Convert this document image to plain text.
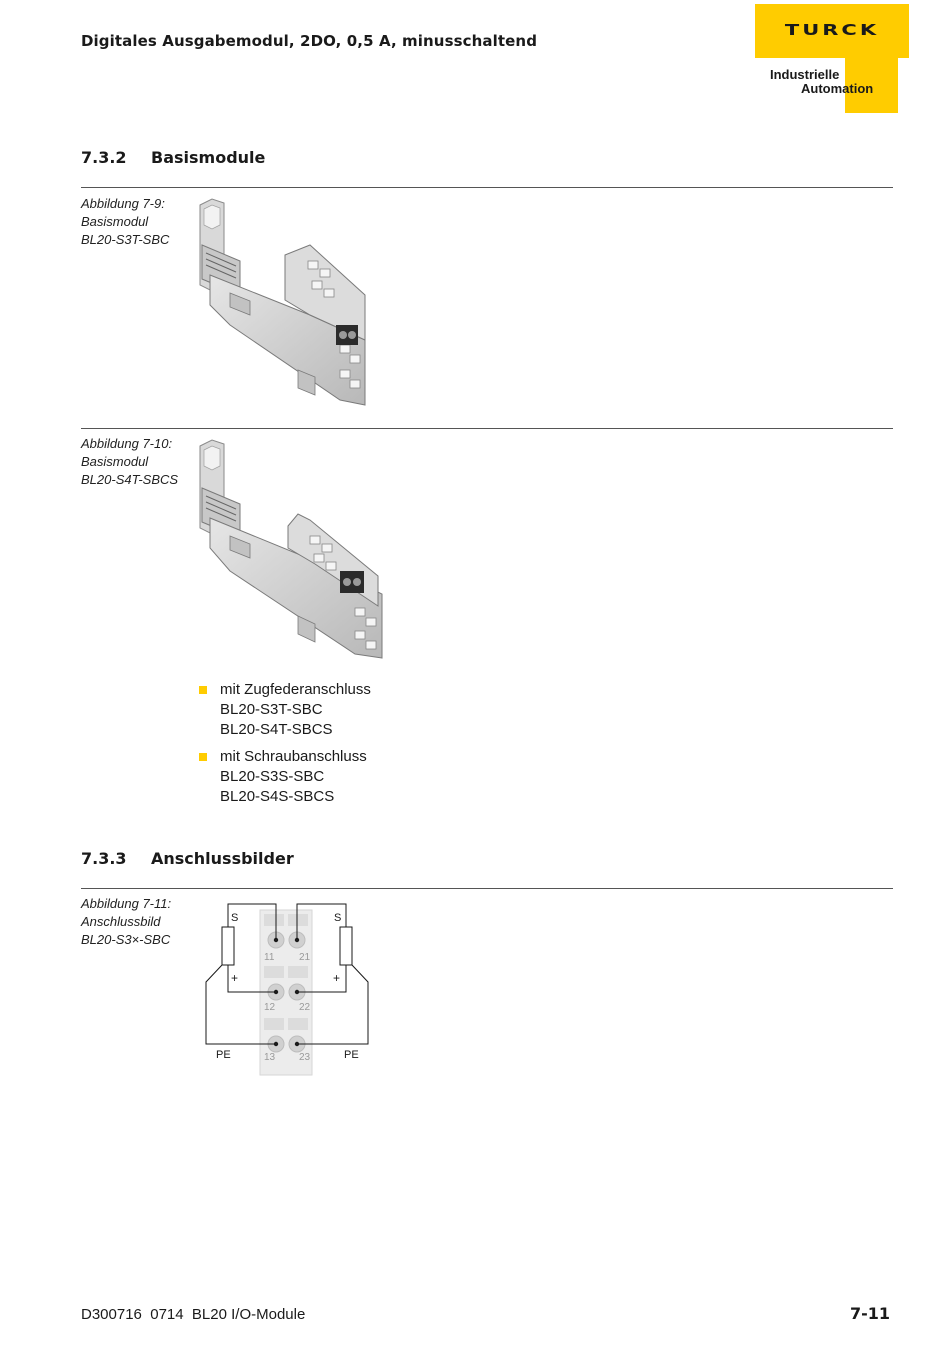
Digitales Ausgabemodul, 2DO, 0,5 A, minusschaltend
TURCK
Industrielle
Automation
7.3.2 Basismodule
Abbildung 7-9:
Basismodul
BL20-S3T-SBC
Abbildung 7-10:
Basismodul
BL20-S4T-SBCS
mit Zugfederanschluss
BL20-S3T-SBC
BL20-S4T-SBCS
mit Schraubanschluss
BL20-S3S-SBC
BL20-S4S-SBCS
7.3.3 Anschlussbilder
Abbildung 7-11:
Anschlussbild
BL20-S3×-SBC
11 21
12 22
13 23
S	S
+	+
PE	PE
D300716  0714  BL20 I/O-Module	7-11
